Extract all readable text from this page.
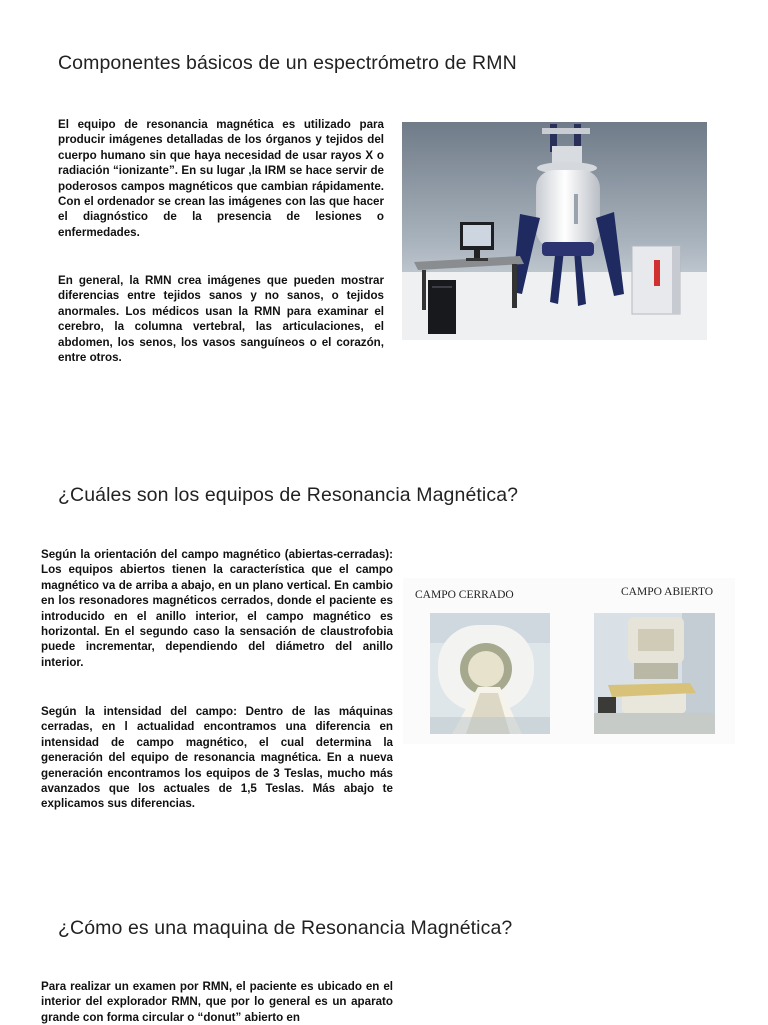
Componentes básicos de un espectrómetro de RMN

El equipo de resonancia magnética es utilizado para producir imágenes detalladas de los órganos y tejidos del cuerpo humano sin que haya necesidad de usar rayos X o radiación “ionizante”. En su lugar ,la IRM se hace servir de poderosos campos magnéticos que cambian rápidamente. Con el ordenador se crean las imágenes con las que hacer el diagnóstico de la presencia de lesiones o enfermedades.

En general, la RMN crea imágenes que pueden mostrar diferencias entre tejidos sanos y no sanos, o tejidos anormales. Los médicos usan la RMN para examinar el cerebro, la columna vertebral, las articulaciones, el abdomen, los senos, los vasos sanguíneos o el corazón, entre otros.

¿Cuáles son los equipos de Resonancia Magnética?

Según la orientación del campo magnético (abiertas-cerradas): Los equipos abiertos tienen la característica que el campo magnético va de arriba a abajo, en un plano vertical. En cambio en los resonadores magnéticos cerrados, donde el paciente es introducido en el anillo interior, el campo magnético es horizontal. En el segundo caso la sensación de claustrofobia puede incrementar, dependiendo del diámetro del anillo interior.

Según la intensidad del campo: Dentro de las máquinas cerradas, en l actualidad encontramos una diferencia en intensidad de campo magnético, el cual determina la generación del equipo de resonancia magnética. En a nueva generación encontramos los equipos de 3 Teslas, mucho más avanzados que los actuales de 1,5 Teslas. Más abajo te explicamos sus diferencias.

CAMPO CERRADO	CAMPO ABIERTO
¿Cómo es una maquina de Resonancia Magnética?

Para realizar un examen por RMN, el paciente es ubicado en el interior del explorador RMN, que por lo general es un aparato grande con forma circular o “donut” abierto en
